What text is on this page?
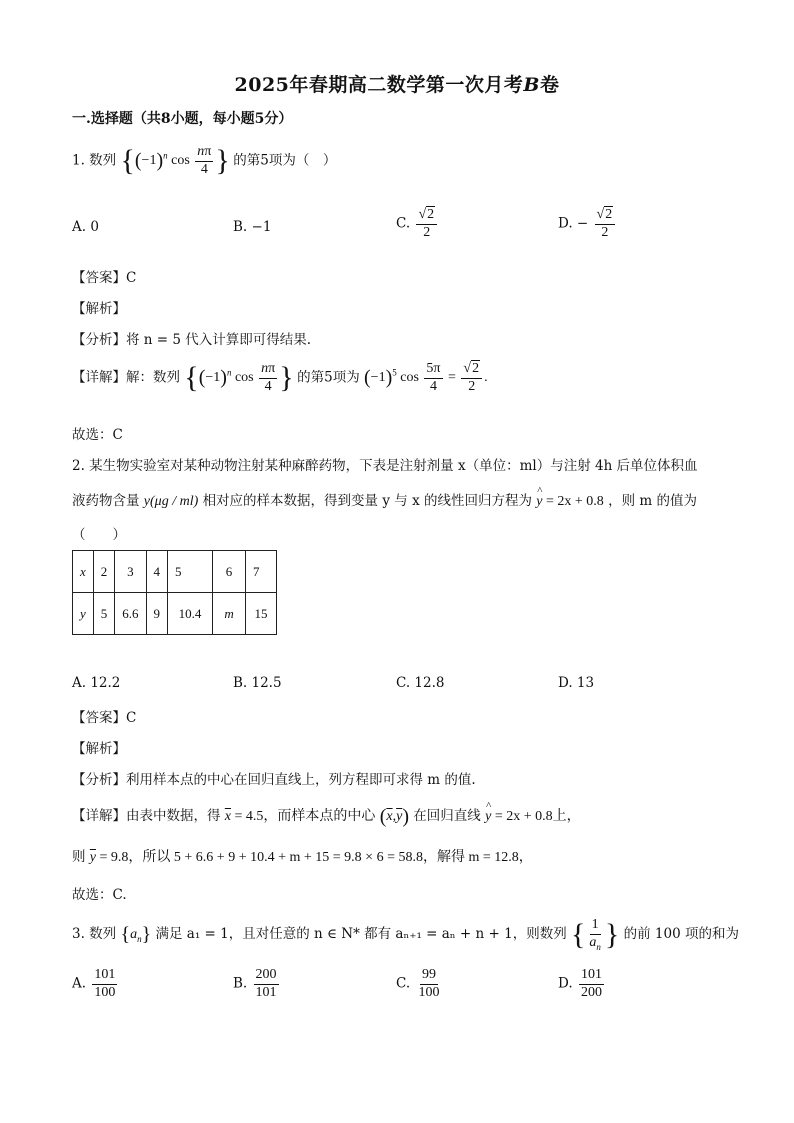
2025年春期高二数学第一次月考B卷
一.选择题（共8小题，每小题5分）
1. 数列 {$(-1)^n$ $\cos \frac{n\pi}{4}$ } 的第5项为（　）
A. 0	B. −1	C. $\frac{√2}{2}$	D. − $\frac{√2}{2}$
【答案】C
【解析】
【分析】将 n = 5 代入计算即可得结果.
【详解】解：数列 {$(-1)^n$ $\cos \frac{n\pi}{4}$ } 的第5项为 $(-1)^5$ $\cos \frac{5\pi}{4} = \frac{√2}{2}$ .
故选：C
2. 某生物实验室对某种动物注射某种麻醉药物，下表是注射剂量 x（单位：ml）与注射 4h 后单位体积血
液药物含量 y(μg / ml) 相对应的样本数据，得到变量 y 与 x 的线性回归方程为 ^ y = 2x + 0.8 ，则 m 的值为
（　　）
x	2	3	4	5	6	7
y	5	6.6	9	10.4	m	15
A. 12.2	B. 12.5	C. 12.8	D. 13
【答案】C
【解析】
【分析】利用样本点的中心在回归直线上，列方程即可求得 m 的值.
【详解】由表中数据，得 $\overline{x} = 4.5$，而样本点的中心 $(\overline{x},\overline{y})$ 在回归直线 ^ y = 2x + 0.8上，
则 $\overline{y} = 9.8$，所以 5 + 6.6 + 9 + 10.4 + m + 15 = 9.8 × 6 = 58.8，解得 m = 12.8，
故选：C.
3. 数列 $\{a_n\}$ 满足 a₁ = 1，且对任意的 n ∈ N* 都有 aₙ₊₁ = aₙ + n + 1，则数列 { $\frac{1}{a_n}$ } 的前 100 项的和为
A. $\frac{101}{100}$	B. $\frac{200}{101}$	C. $\frac{99}{100}$	D. $\frac{101}{200}$
